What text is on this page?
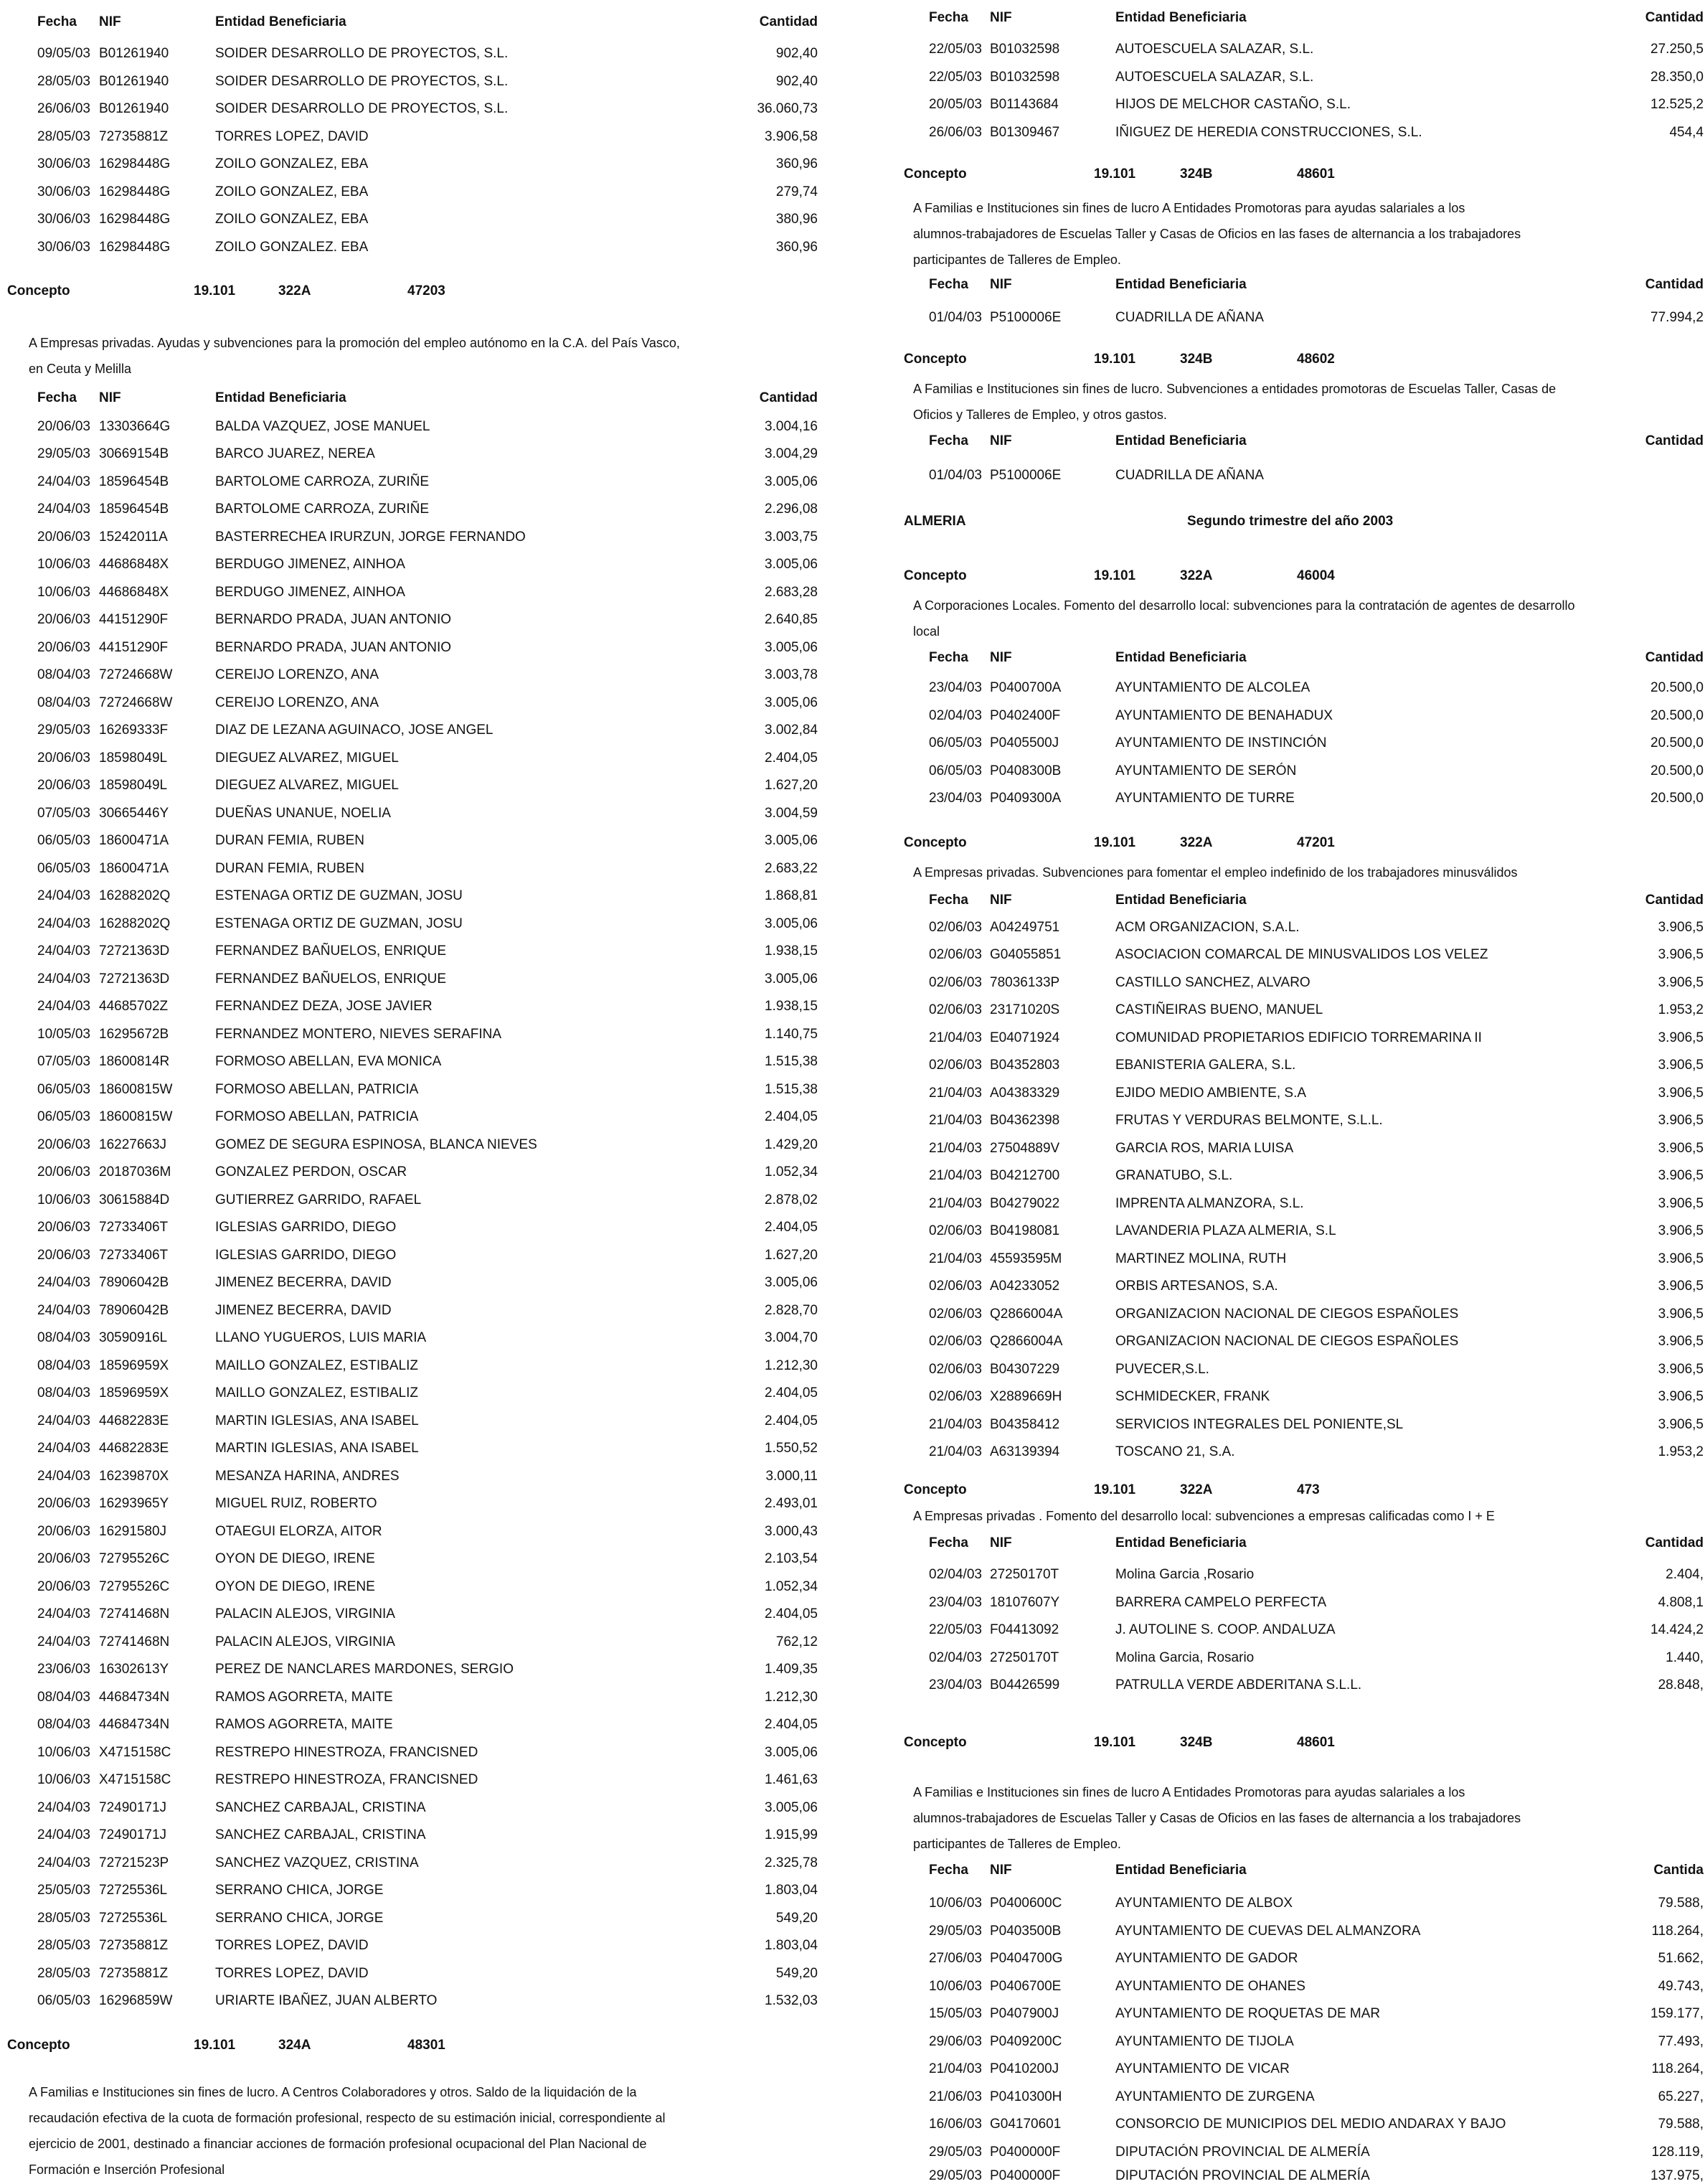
Fecha NIF	Entidad Beneficiaria	Cantidad
09/05/03 B01261940	SOIDER DESARROLLO DE PROYECTOS, S.L.	902,40
28/05/03 B01261940	SOIDER DESARROLLO DE PROYECTOS, S.L.	902,40
26/06/03 B01261940	SOIDER DESARROLLO DE PROYECTOS, S.L.	36.060,73
28/05/03 72735881Z	TORRES LOPEZ, DAVID	3.906,58
30/06/03 16298448G	ZOILO GONZALEZ, EBA	360,96
30/06/03 16298448G	ZOILO GONZALEZ, EBA	279,74
30/06/03 16298448G	ZOILO GONZALEZ, EBA	380,96
30/06/03 16298448G	ZOILO GONZALEZ. EBA	360,96
Concepto	19.101	322A	47203
A Empresas privadas. Ayudas y subvenciones para la promoción del empleo autónomo en la C.A. del País Vasco,
en Ceuta y Melilla
Fecha NIF	Entidad Beneficiaria	Cantidad
20/06/03 13303664G	BALDA VAZQUEZ, JOSE MANUEL	3.004,16
29/05/03 30669154B	BARCO JUAREZ, NEREA	3.004,29
24/04/03 18596454B	BARTOLOME CARROZA, ZURIÑE	3.005,06
24/04/03 18596454B	BARTOLOME CARROZA, ZURIÑE	2.296,08
20/06/03 15242011A	BASTERRECHEA IRURZUN, JORGE FERNANDO	3.003,75
10/06/03 44686848X	BERDUGO JIMENEZ, AINHOA	3.005,06
10/06/03 44686848X	BERDUGO JIMENEZ, AINHOA	2.683,28
20/06/03 44151290F	BERNARDO PRADA, JUAN ANTONIO	2.640,85
20/06/03 44151290F	BERNARDO PRADA, JUAN ANTONIO	3.005,06
08/04/03 72724668W	CEREIJO LORENZO, ANA	3.003,78
08/04/03 72724668W	CEREIJO LORENZO, ANA	3.005,06
29/05/03 16269333F	DIAZ DE LEZANA AGUINACO, JOSE ANGEL	3.002,84
20/06/03 18598049L	DIEGUEZ ALVAREZ, MIGUEL	2.404,05
20/06/03 18598049L	DIEGUEZ ALVAREZ, MIGUEL	1.627,20
07/05/03 30665446Y	DUEÑAS UNANUE, NOELIA	3.004,59
06/05/03 18600471A	DURAN FEMIA, RUBEN	3.005,06
06/05/03 18600471A	DURAN FEMIA, RUBEN	2.683,22
24/04/03 16288202Q	ESTENAGA ORTIZ DE GUZMAN, JOSU	1.868,81
24/04/03 16288202Q	ESTENAGA ORTIZ DE GUZMAN, JOSU	3.005,06
24/04/03 72721363D	FERNANDEZ BAÑUELOS, ENRIQUE	1.938,15
24/04/03 72721363D	FERNANDEZ BAÑUELOS, ENRIQUE	3.005,06
24/04/03 44685702Z	FERNANDEZ DEZA, JOSE JAVIER	1.938,15
10/05/03 16295672B	FERNANDEZ MONTERO, NIEVES SERAFINA	1.140,75
07/05/03 18600814R	FORMOSO ABELLAN, EVA MONICA	1.515,38
06/05/03 18600815W	FORMOSO ABELLAN, PATRICIA	1.515,38
06/05/03 18600815W	FORMOSO ABELLAN, PATRICIA	2.404,05
20/06/03 16227663J	GOMEZ DE SEGURA ESPINOSA, BLANCA NIEVES	1.429,20
20/06/03 20187036M	GONZALEZ PERDON, OSCAR	1.052,34
10/06/03 30615884D	GUTIERREZ GARRIDO, RAFAEL	2.878,02
20/06/03 72733406T	IGLESIAS GARRIDO, DIEGO	2.404,05
20/06/03 72733406T	IGLESIAS GARRIDO, DIEGO	1.627,20
24/04/03 78906042B	JIMENEZ BECERRA, DAVID	3.005,06
24/04/03 78906042B	JIMENEZ BECERRA, DAVID	2.828,70
08/04/03 30590916L	LLANO YUGUEROS, LUIS MARIA	3.004,70
08/04/03 18596959X	MAILLO GONZALEZ, ESTIBALIZ	1.212,30
08/04/03 18596959X	MAILLO GONZALEZ, ESTIBALIZ	2.404,05
24/04/03 44682283E	MARTIN IGLESIAS, ANA ISABEL	2.404,05
24/04/03 44682283E	MARTIN IGLESIAS, ANA ISABEL	1.550,52
24/04/03 16239870X	MESANZA HARINA, ANDRES	3.000,11
20/06/03 16293965Y	MIGUEL RUIZ, ROBERTO	2.493,01
20/06/03 16291580J	OTAEGUI ELORZA, AITOR	3.000,43
20/06/03 72795526C	OYON DE DIEGO, IRENE	2.103,54
20/06/03 72795526C	OYON DE DIEGO, IRENE	1.052,34
24/04/03 72741468N	PALACIN ALEJOS, VIRGINIA	2.404,05
24/04/03 72741468N	PALACIN ALEJOS, VIRGINIA	762,12
23/06/03 16302613Y	PEREZ DE NANCLARES MARDONES, SERGIO	1.409,35
08/04/03 44684734N	RAMOS AGORRETA, MAITE	1.212,30
08/04/03 44684734N	RAMOS AGORRETA, MAITE	2.404,05
10/06/03 X4715158C	RESTREPO HINESTROZA, FRANCISNED	3.005,06
10/06/03 X4715158C	RESTREPO HINESTROZA, FRANCISNED	1.461,63
24/04/03 72490171J	SANCHEZ CARBAJAL, CRISTINA	3.005,06
24/04/03 72490171J	SANCHEZ CARBAJAL, CRISTINA	1.915,99
24/04/03 72721523P	SANCHEZ VAZQUEZ, CRISTINA	2.325,78
25/05/03 72725536L	SERRANO CHICA, JORGE	1.803,04
28/05/03 72725536L	SERRANO CHICA, JORGE	549,20
28/05/03 72735881Z	TORRES LOPEZ, DAVID	1.803,04
28/05/03 72735881Z	TORRES LOPEZ, DAVID	549,20
06/05/03 16296859W	URIARTE IBAÑEZ, JUAN ALBERTO	1.532,03
Concepto	19.101	324A	48301
A Familias e Instituciones sin fines de lucro. A Centros Colaboradores y otros. Saldo de la liquidación de la
recaudación efectiva de la cuota de formación profesional, respecto de su estimación inicial, correspondiente al
ejercicio de 2001, destinado a financiar acciones de formación profesional ocupacional del Plan Nacional de
Formación e Inserción Profesional
Fecha NIF	Entidad Beneficiaria	Cantidad
22/05/03 B01032598	AUTOESCUELA SALAZAR, S.L.	27.250,5
22/05/03 B01032598	AUTOESCUELA SALAZAR, S.L.	28.350,0
20/05/03 B01143684	HIJOS DE MELCHOR CASTAÑO, S.L.	12.525,2
26/06/03 B01309467	IÑIGUEZ DE HEREDIA CONSTRUCCIONES, S.L.	454,4
Concepto	19.101	324B	48601
A Familias e Instituciones sin fines de lucro A Entidades Promotoras para ayudas salariales a los
alumnos-trabajadores de Escuelas Taller y Casas de Oficios en las fases de alternancia a los trabajadores
participantes de Talleres de Empleo.
Fecha NIF	Entidad Beneficiaria	Cantidad
01/04/03 P5100006E	CUADRILLA DE AÑANA	77.994,2
Concepto	19.101	324B	48602
A Familias e Instituciones sin fines de lucro. Subvenciones a entidades promotoras de Escuelas Taller, Casas de
Oficios y Talleres de Empleo, y otros gastos.
Fecha NIF	Entidad Beneficiaria	Cantidad
01/04/03 P5100006E	CUADRILLA DE AÑANA
ALMERIA	Segundo trimestre del año 2003
Concepto	19.101	322A	46004
A Corporaciones Locales. Fomento del desarrollo local: subvenciones para la contratación de agentes de desarrollo
local
Fecha NIF	Entidad Beneficiaria	Cantidad
23/04/03 P0400700A	AYUNTAMIENTO DE ALCOLEA	20.500,0
02/04/03 P0402400F	AYUNTAMIENTO DE BENAHADUX	20.500,0
06/05/03 P0405500J	AYUNTAMIENTO DE INSTINCIÓN	20.500,0
06/05/03 P0408300B	AYUNTAMIENTO DE SERÓN	20.500,0
23/04/03 P0409300A	AYUNTAMIENTO DE TURRE	20.500,0
Concepto	19.101	322A	47201
A Empresas privadas. Subvenciones para fomentar el empleo indefinido de los trabajadores minusválidos
Fecha NIF	Entidad Beneficiaria	Cantidad
02/06/03 A04249751	ACM ORGANIZACION, S.A.L.	3.906,5
02/06/03 G04055851	ASOCIACION COMARCAL DE MINUSVALIDOS LOS VELEZ	3.906,5
02/06/03 78036133P	CASTILLO SANCHEZ, ALVARO	3.906,5
02/06/03 23171020S	CASTIÑEIRAS BUENO, MANUEL	1.953,2
21/04/03 E04071924	COMUNIDAD PROPIETARIOS EDIFICIO TORREMARINA II	3.906,5
02/06/03 B04352803	EBANISTERIA GALERA, S.L.	3.906,5
21/04/03 A04383329	EJIDO MEDIO AMBIENTE, S.A	3.906,5
21/04/03 B04362398	FRUTAS Y VERDURAS BELMONTE, S.L.L.	3.906,5
21/04/03 27504889V	GARCIA ROS, MARIA LUISA	3.906,5
21/04/03 B04212700	GRANATUBO, S.L.	3.906,5
21/04/03 B04279022	IMPRENTA ALMANZORA, S.L.	3.906,5
02/06/03 B04198081	LAVANDERIA PLAZA ALMERIA, S.L	3.906,5
21/04/03 45593595M	MARTINEZ MOLINA, RUTH	3.906,5
02/06/03 A04233052	ORBIS ARTESANOS, S.A.	3.906,5
02/06/03 Q2866004A	ORGANIZACION NACIONAL DE CIEGOS ESPAÑOLES	3.906,5
02/06/03 Q2866004A	ORGANIZACION NACIONAL DE CIEGOS ESPAÑOLES	3.906,5
02/06/03 B04307229	PUVECER,S.L.	3.906,5
02/06/03 X2889669H	SCHMIDECKER, FRANK	3.906,5
21/04/03 B04358412	SERVICIOS INTEGRALES DEL PONIENTE,SL	3.906,5
21/04/03 A63139394	TOSCANO 21, S.A.	1.953,2
Concepto	19.101	322A	473
A Empresas privadas . Fomento del desarrollo local: subvenciones a empresas calificadas como I + E
Fecha NIF	Entidad Beneficiaria	Cantidad
02/04/03 27250170T	Molina Garcia ,Rosario	2.404,
23/04/03 18107607Y	BARRERA CAMPELO PERFECTA	4.808,1
22/05/03 F04413092	J. AUTOLINE S. COOP. ANDALUZA	14.424,2
02/04/03 27250170T	Molina Garcia, Rosario	1.440,
23/04/03 B04426599	PATRULLA VERDE ABDERITANA S.L.L.	28.848,
Concepto	19.101	324B	48601
A Familias e Instituciones sin fines de lucro A Entidades Promotoras para ayudas salariales a los
alumnos-trabajadores de Escuelas Taller y Casas de Oficios en las fases de alternancia a los trabajadores
participantes de Talleres de Empleo.
Fecha NIF	Entidad Beneficiaria	Cantida
10/06/03 P0400600C	AYUNTAMIENTO DE ALBOX	79.588,
29/05/03 P0403500B	AYUNTAMIENTO DE CUEVAS DEL ALMANZORA	118.264,
27/06/03 P0404700G	AYUNTAMIENTO DE GADOR	51.662,
10/06/03 P0406700E	AYUNTAMIENTO DE OHANES	49.743,
15/05/03 P0407900J	AYUNTAMIENTO DE ROQUETAS DE MAR	159.177,
29/06/03 P0409200C	AYUNTAMIENTO DE TIJOLA	77.493,
21/04/03 P0410200J	AYUNTAMIENTO DE VICAR	118.264,
21/06/03 P0410300H	AYUNTAMIENTO DE ZURGENA	65.227,
16/06/03 G04170601	CONSORCIO DE MUNICIPIOS DEL MEDIO ANDARAX Y BAJO	79.588,
29/05/03 P0400000F	DIPUTACIÓN PROVINCIAL DE ALMERÍA	128.119,
29/05/03 P0400000F	DIPUTACIÓN PROVINCIAL DE ALMERÍA	137.975,
